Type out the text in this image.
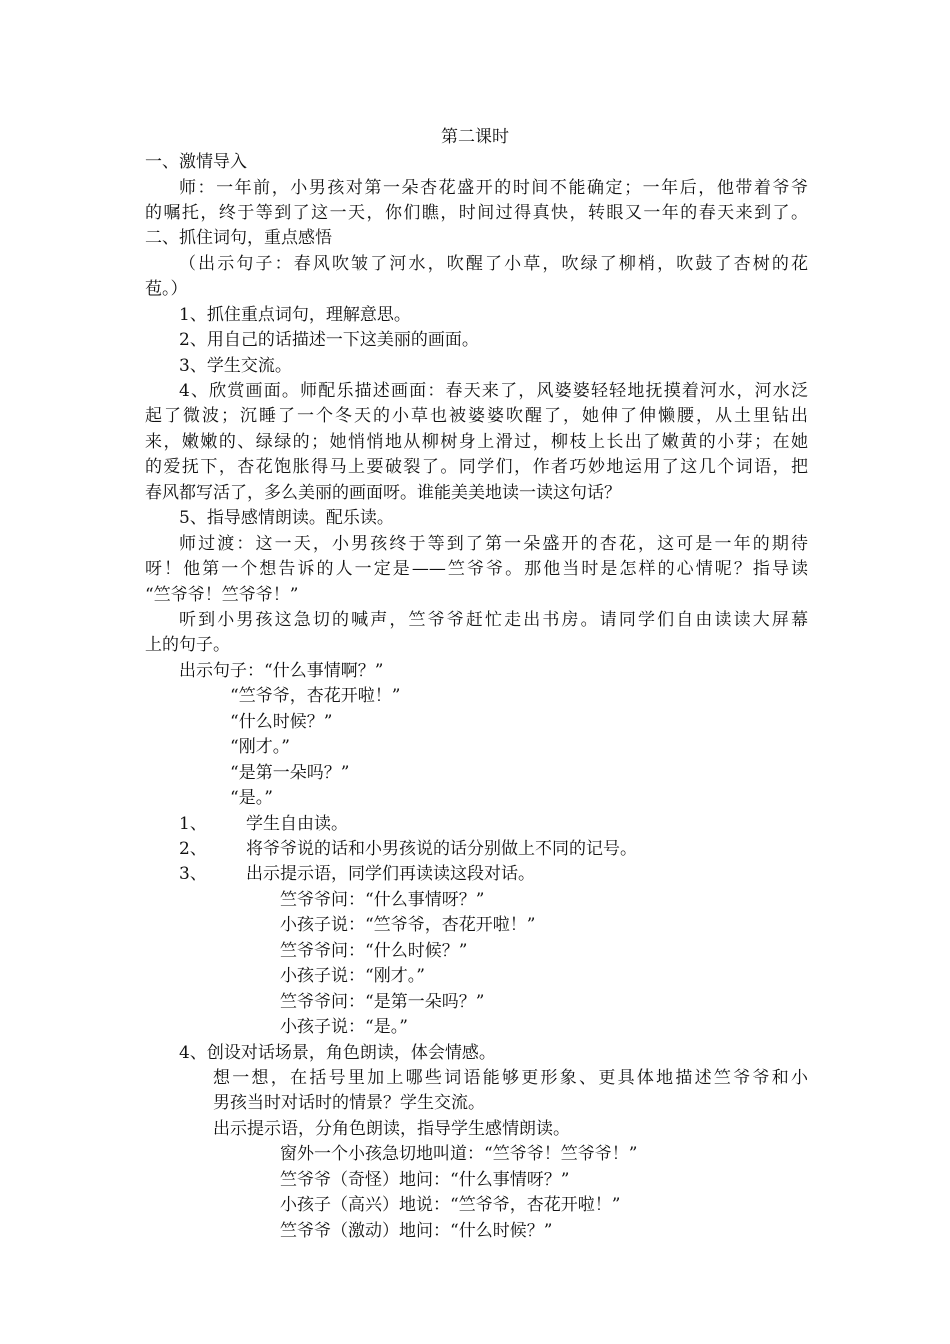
第二课时
一、激情导入
师：一年前，小男孩对第一朵杏花盛开的时间不能确定；一年后，他带着爷爷
的嘱托，终于等到了这一天，你们瞧，时间过得真快，转眼又一年的春天来到了。
二、抓住词句，重点感悟
（出示句子：春风吹皱了河水，吹醒了小草，吹绿了柳梢，吹鼓了杏树的花
苞。）
1、抓住重点词句，理解意思。
2、用自己的话描述一下这美丽的画面。
3、学生交流。
4、欣赏画面。师配乐描述画面：春天来了，风婆婆轻轻地抚摸着河水，河水泛
起了微波；沉睡了一个冬天的小草也被婆婆吹醒了，她伸了伸懒腰，从土里钻出
来，嫩嫩的、绿绿的；她悄悄地从柳树身上滑过，柳枝上长出了嫩黄的小芽；在她
的爱抚下，杏花饱胀得马上要破裂了。同学们，作者巧妙地运用了这几个词语，把
春风都写活了，多么美丽的画面呀。谁能美美地读一读这句话？
5、指导感情朗读。配乐读。
师过渡：这一天，小男孩终于等到了第一朵盛开的杏花，这可是一年的期待
呀！他第一个想告诉的人一定是——竺爷爷。那他当时是怎样的心情呢？指导读
“竺爷爷！竺爷爷！”
听到小男孩这急切的喊声，竺爷爷赶忙走出书房。请同学们自由读读大屏幕
上的句子。
出示句子：“什么事情啊？”
“竺爷爷，杏花开啦！”
“什么时候？”
“刚才。”
“是第一朵吗？”
“是。”
1、 学生自由读。
2、 将爷爷说的话和小男孩说的话分别做上不同的记号。
3、 出示提示语，同学们再读读这段对话。
竺爷爷问：“什么事情呀？”
小孩子说：“竺爷爷，杏花开啦！”
竺爷爷问：“什么时候？”
小孩子说：“刚才。”
竺爷爷问：“是第一朵吗？”
小孩子说：“是。”
4、创设对话场景，角色朗读，体会情感。
想一想，在括号里加上哪些词语能够更形象、更具体地描述竺爷爷和小
男孩当时对话时的情景？学生交流。
出示提示语，分角色朗读，指导学生感情朗读。
窗外一个小孩急切地叫道：“竺爷爷！竺爷爷！”
竺爷爷（奇怪）地问：“什么事情呀？”
小孩子（高兴）地说：“竺爷爷，杏花开啦！”
竺爷爷（激动）地问：“什么时候？”
